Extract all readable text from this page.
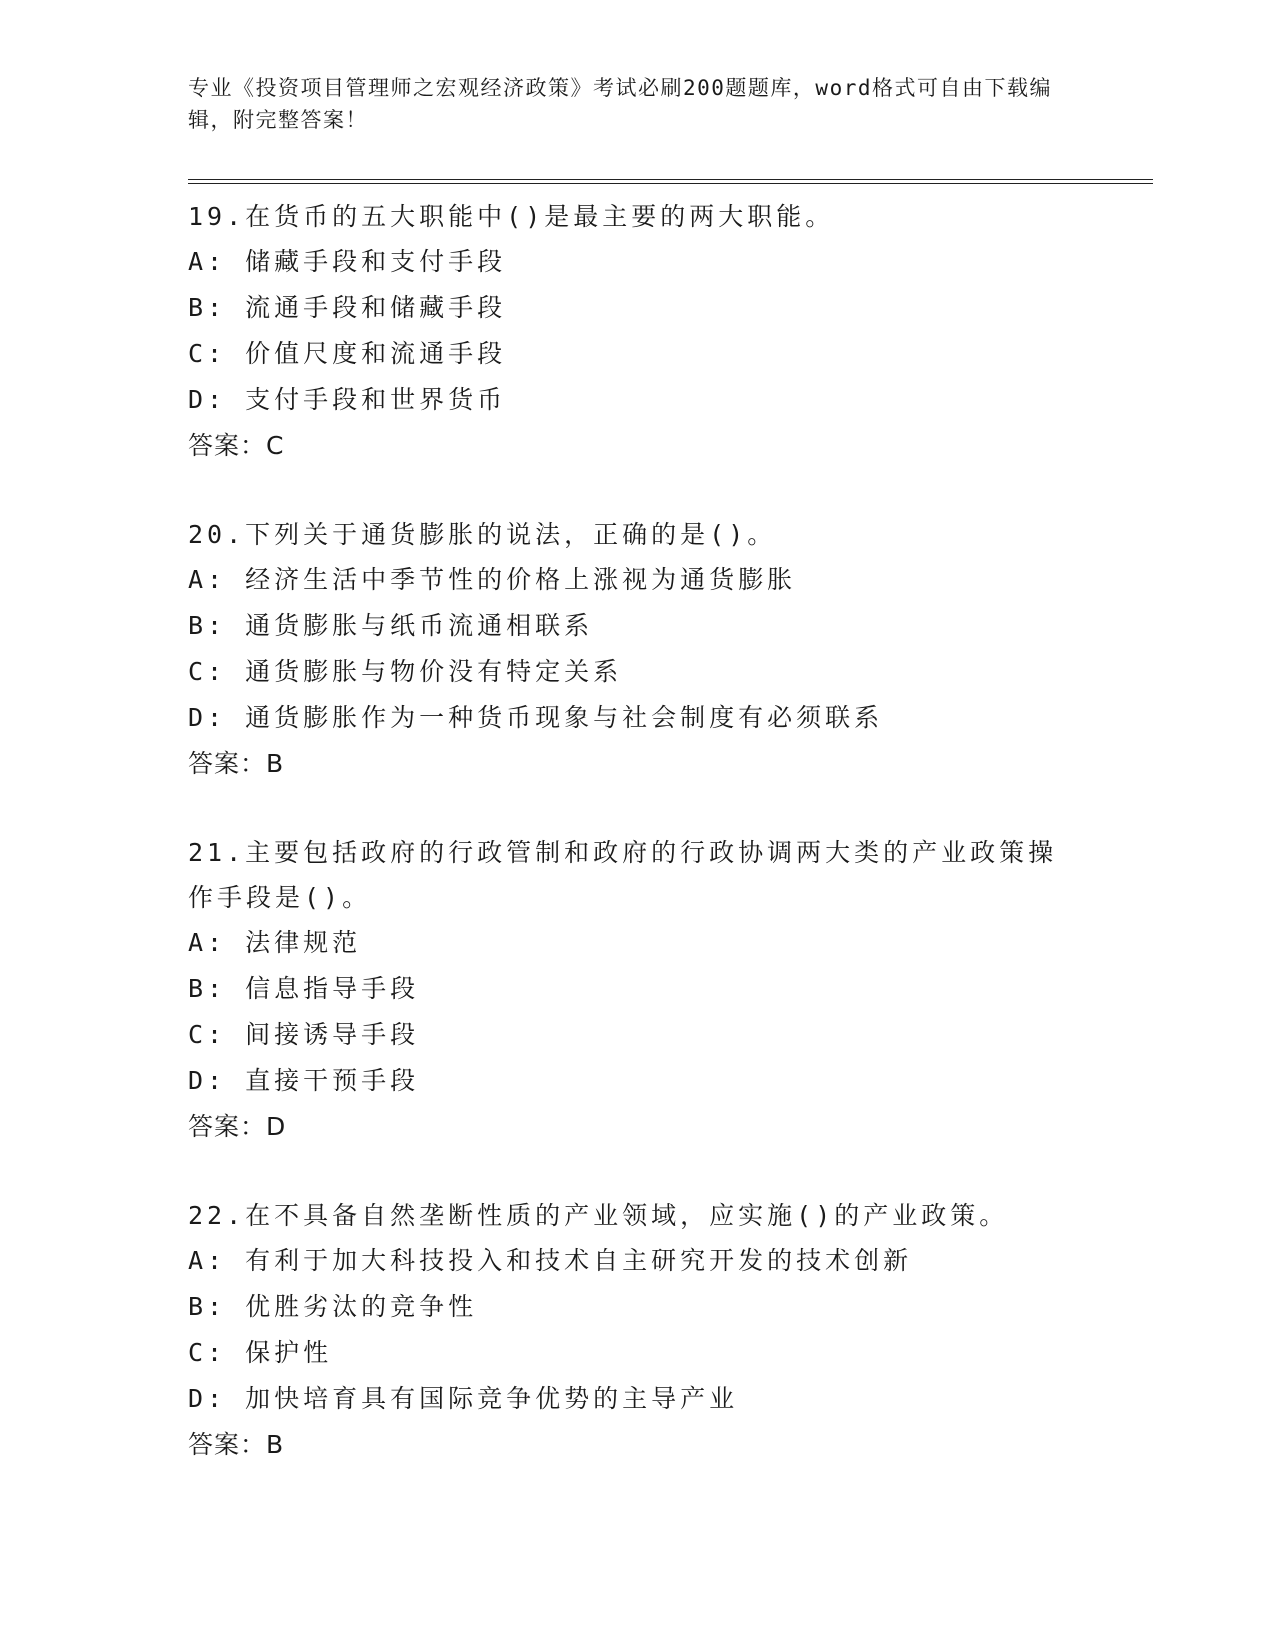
专业《投资项目管理师之宏观经济政策》考试必刷200题题库，word格式可自由下载编辑，附完整答案！
19.在货币的五大职能中()是最主要的两大职能。
A: 储藏手段和支付手段
B: 流通手段和储藏手段
C: 价值尺度和流通手段
D: 支付手段和世界货币
答案：C
20.下列关于通货膨胀的说法，正确的是()。
A: 经济生活中季节性的价格上涨视为通货膨胀
B: 通货膨胀与纸币流通相联系
C: 通货膨胀与物价没有特定关系
D: 通货膨胀作为一种货币现象与社会制度有必须联系
答案：B
21.主要包括政府的行政管制和政府的行政协调两大类的产业政策操作手段是()。
A: 法律规范
B: 信息指导手段
C: 间接诱导手段
D: 直接干预手段
答案：D
22.在不具备自然垄断性质的产业领域，应实施()的产业政策。
A: 有利于加大科技投入和技术自主研究开发的技术创新
B: 优胜劣汰的竞争性
C: 保护性
D: 加快培育具有国际竞争优势的主导产业
答案：B
